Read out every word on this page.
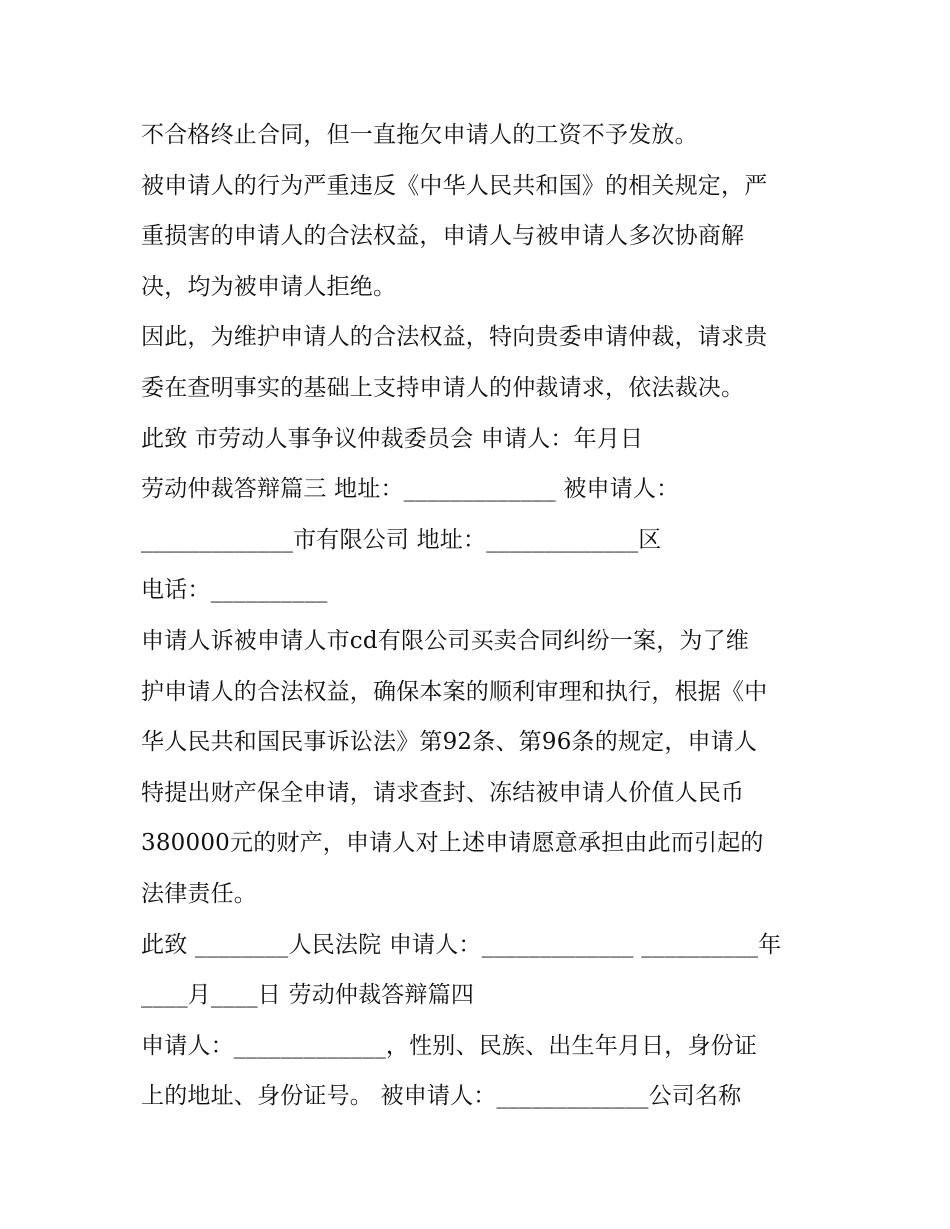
不合格终止合同，但一直拖欠申请人的工资不予发放。
被申请人的行为严重违反《中华人民共和国》的相关规定，严
重损害的申请人的合法权益，申请人与被申请人多次协商解
决，均为被申请人拒绝。
因此，为维护申请人的合法权益，特向贵委申请仲裁，请求贵
委在查明事实的基础上支持申请人的仲裁请求，依法裁决。
此致 市劳动人事争议仲裁委员会 申请人：年月日
劳动仲裁答辩篇三 地址：_____________ 被申请人：
_____________市有限公司 地址：_____________区
电话：__________
申请人诉被申请人市cd有限公司买卖合同纠纷一案，为了维
护申请人的合法权益，确保本案的顺利审理和执行，根据《中
华人民共和国民事诉讼法》第92条、第96条的规定，申请人
特提出财产保全申请，请求查封、冻结被申请人价值人民币
380000元的财产，申请人对上述申请愿意承担由此而引起的
法律责任。
此致 ________人民法院 申请人：_____________ __________年
____月____日 劳动仲裁答辩篇四
申请人：_____________，性别、民族、出生年月日，身份证
上的地址、身份证号。 被申请人：_____________公司名称
